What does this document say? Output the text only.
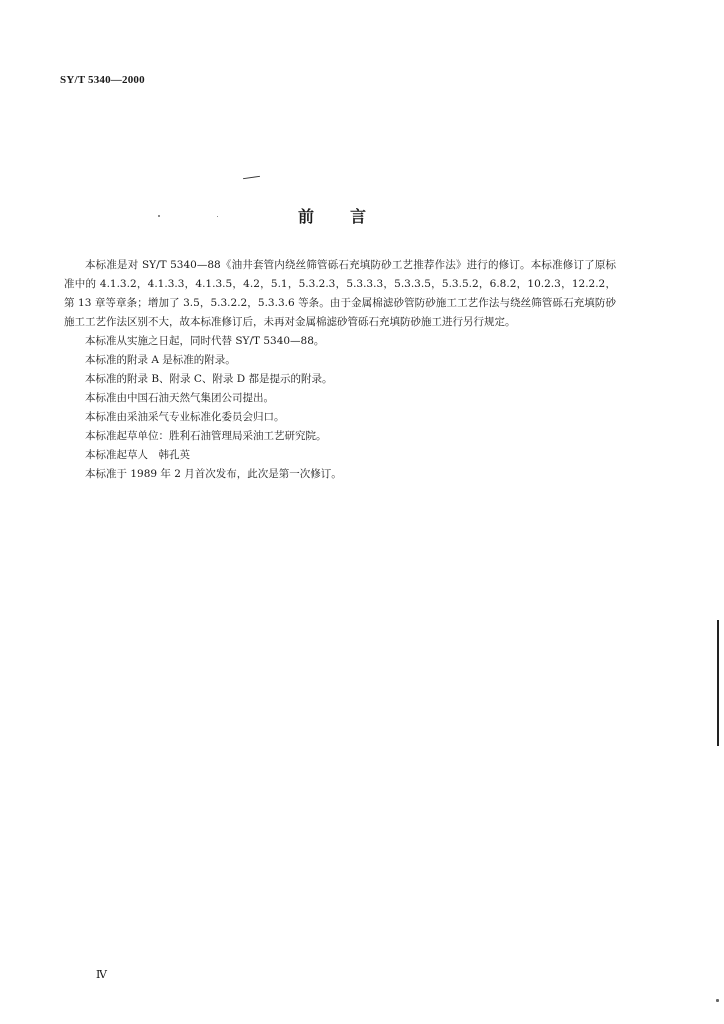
SY/T 5340—2000
前言

本标准是对 SY/T 5340—88《油井套管内绕丝筛管砾石充填防砂工艺推荐作法》进行的修订。本标准修订了原标准中的 4.1.3.2，4.1.3.3，4.1.3.5，4.2，5.1，5.3.2.3，5.3.3.3，5.3.3.5，5.3.5.2，6.8.2，10.2.3，12.2.2，第 13 章等章条；增加了 3.5，5.3.2.2，5.3.3.6 等条。由于金属棉滤砂管防砂施工工艺作法与绕丝筛管砾石充填防砂施工工艺作法区别不大，故本标准修订后，未再对金属棉滤砂管砾石充填防砂施工进行另行规定。

本标准从实施之日起，同时代替 SY/T 5340—88。

本标准的附录 A 是标准的附录。

本标准的附录 B、附录 C、附录 D 都是提示的附录。

本标准由中国石油天然气集团公司提出。

本标准由采油采气专业标准化委员会归口。

本标准起草单位：胜利石油管理局采油工艺研究院。

本标准起草人　韩孔英

本标准于 1989 年 2 月首次发布，此次是第一次修订。

Ⅳ
